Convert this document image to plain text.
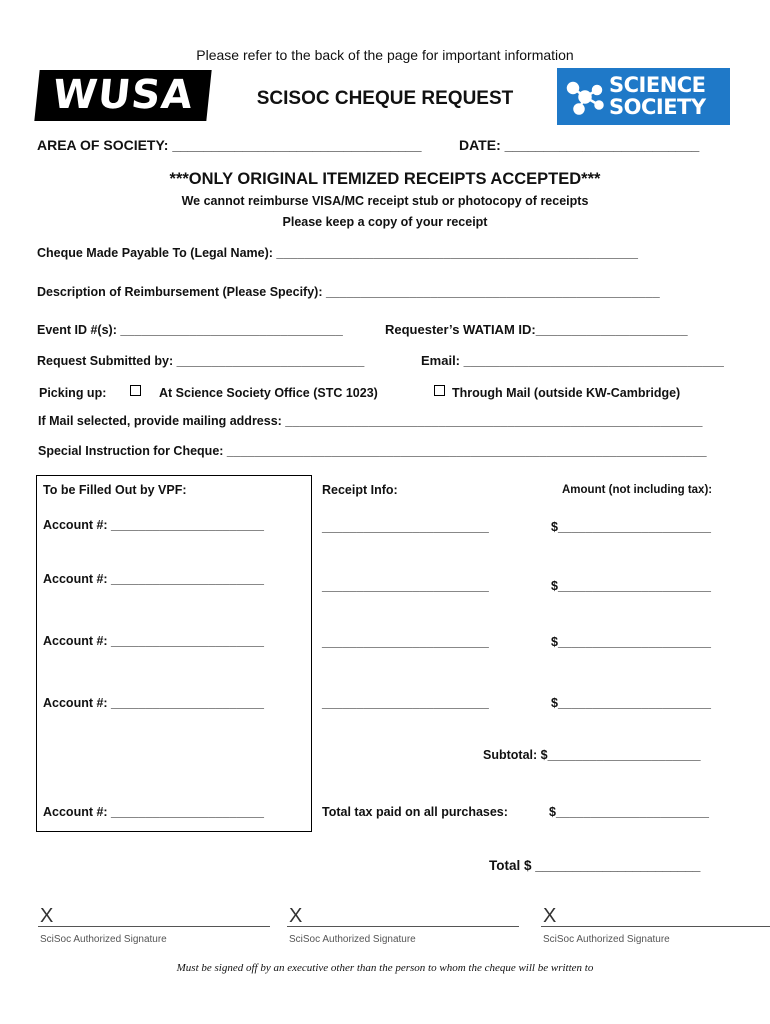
Please refer to the back of the page for important information
WUSA	SCISOC CHEQUE REQUEST
SCIENCE
SOCIETY
AREA OF SOCIETY: ________________________________	DATE: _________________________
***ONLY ORIGINAL ITEMIZED RECEIPTS ACCEPTED***
We cannot reimburse VISA/MC receipt stub or photocopy of receipts
Please keep a copy of your receipt
Cheque Made Payable To (Legal Name): ____________________________________________________
Description of Reimbursement (Please Specify): ________________________________________________
Event ID #(s): ________________________________	Requester’s WATIAM ID:_____________________
Request Submitted by: ___________________________	Email: ____________________________________
Picking up:	At Science Society Office (STC 1023)	Through Mail (outside KW-Cambridge)
If Mail selected, provide mailing address: ____________________________________________________________
Special Instruction for Cheque: _____________________________________________________________________
To be Filled Out by VPF:	Receipt Info:	Amount (not including tax):
Account #: ______________________	________________________	$______________________
Account #: ______________________	________________________	$______________________
Account #: ______________________	________________________	$______________________
Account #: ______________________	________________________	$______________________
Subtotal: $______________________
Account #: ______________________	Total tax paid on all purchases:	$______________________
Total $ ______________________
X
SciSoc Authorized Signature
X
SciSoc Authorized Signature
X
SciSoc Authorized Signature
Must be signed off by an executive other than the person to whom the cheque will be written to
